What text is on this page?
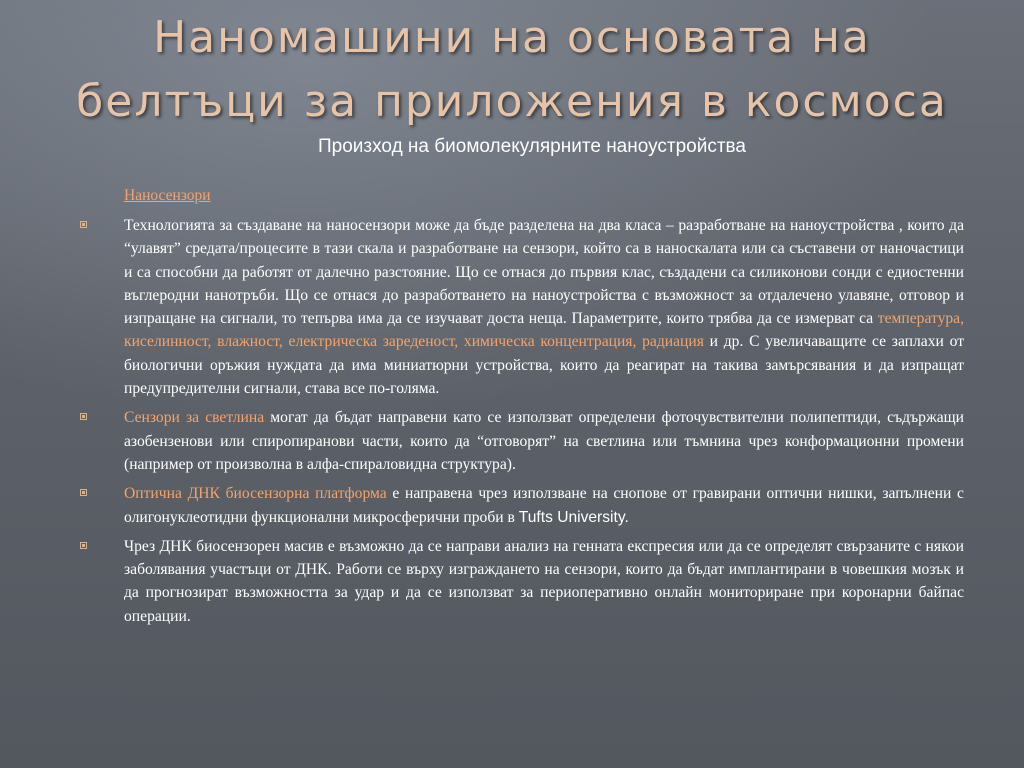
Наномашини на основата на
белтъци за приложения в космоса
Произход на биомолекулярните наноустройства
Наносензори
Технологията за създаване на наносензори може да бъде разделена на два класа – разработване на наноустройства , които да “улавят” средата/процесите в тази скала и разработване на сензори, който са в наноскалата или са съставени от наночастици и са способни да работят от далечно разстояние. Що се отнася до първия клас, създадени са силиконови сонди с едиостенни въглеродни нанотръби. Що се отнася до разработването на наноустройства с възможност за отдалечено улавяне, отговор и изпращане на сигнали, то тепърва има да се изучават доста неща. Параметрите, които трябва да се измерват са температура, киселинност, влажност, електрическа зареденост, химическа концентрация, радиация и др. С увеличаващите се заплахи от биологични оръжия нуждата да има миниатюрни устройства, които да реагират на такива замърсявания и да изпращат предупредителни сигнали, става все по-голяма.
Сензори за светлина могат да бъдат направени като се използват определени фоточувствителни полипептиди, съдържащи азобензенови или спиропиранови части, които да “отговорят” на светлина или тъмнина чрез конформационни промени (например от произволна в алфа-спираловидна структура).
Оптична ДНК биосензорна платформа е направена чрез използване на снопове от гравирани оптични нишки, запълнени с олигонуклеотидни функционални микросферични проби в Tufts University.
Чрез ДНК биосензорен масив е възможно да се направи анализ на генната експресия или да се определят свързаните с някои заболявания участъци от ДНК. Работи се върху изграждането на сензори, които да бъдат имплантирани в човешкия мозък и да прогнозират възможността за удар и да се използват за периоперативно онлайн мониториране при коронарни байпас операции.
